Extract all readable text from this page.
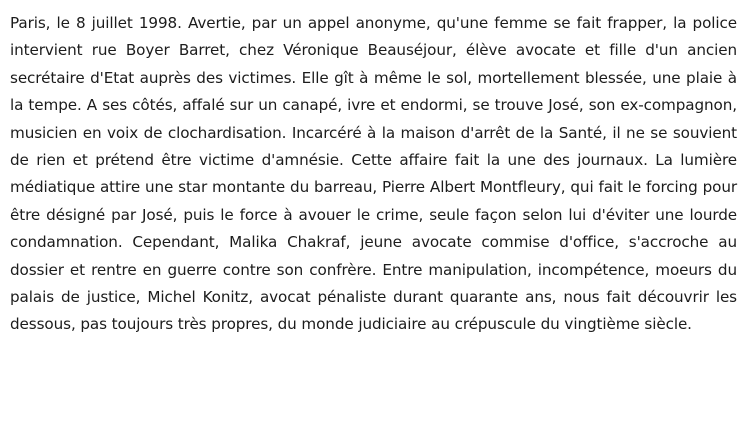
Paris, le 8 juillet 1998. Avertie, par un appel anonyme, qu'une femme se fait frapper, la police intervient rue Boyer Barret, chez Véronique Beauséjour, élève avocate et fille d'un ancien secrétaire d'Etat auprès des victimes. Elle gît à même le sol, mortellement blessée, une plaie à la tempe. A ses côtés, affalé sur un canapé, ivre et endormi, se trouve José, son ex-compagnon, musicien en voix de clochardisation. Incarcéré à la maison d'arrêt de la Santé, il ne se souvient de rien et prétend être victime d'amnésie. Cette affaire fait la une des journaux. La lumière médiatique attire une star montante du barreau, Pierre Albert Montfleury, qui fait le forcing pour être désigné par José, puis le force à avouer le crime, seule façon selon lui d'éviter une lourde condamnation. Cependant, Malika Chakraf, jeune avocate commise d'office, s'accroche au dossier et rentre en guerre contre son confrère. Entre manipulation, incompétence, moeurs du palais de justice, Michel Konitz, avocat pénaliste durant quarante ans, nous fait découvrir les dessous, pas toujours très propres, du monde judiciaire au crépuscule du vingtième siècle.
